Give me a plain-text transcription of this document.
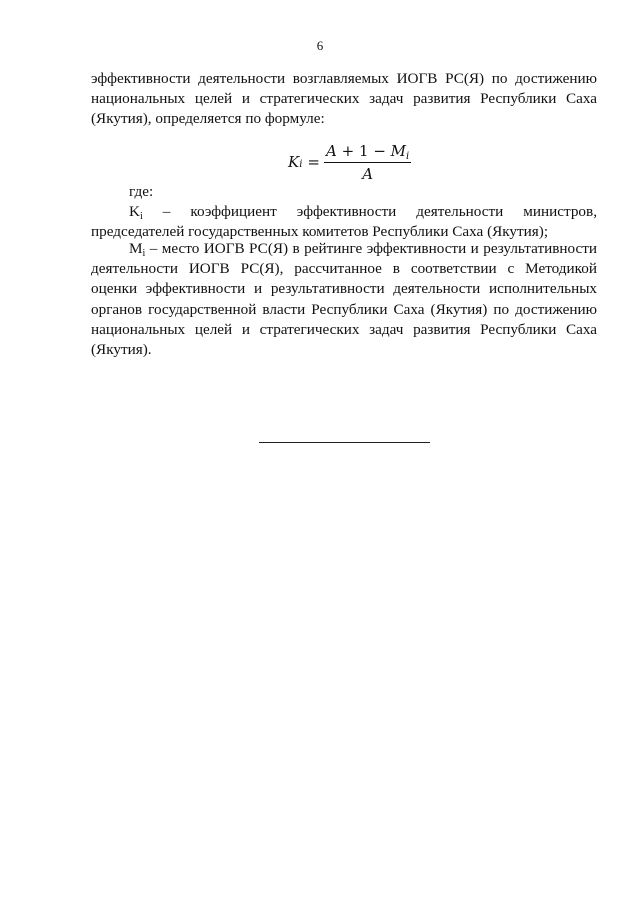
6

эффективности деятельности возглавляемых ИОГВ РС(Я) по достижению

национальных целей и стратегических задач развития Республики Саха

(Якутия), определяется по формуле:

K $i = \frac{A + 1 - M_i}{A}$
где:

Ki – коэффициент эффективности деятельности министров,

председателей государственных комитетов Республики Саха (Якутия);

Mi – место ИОГВ РС(Я) в рейтинге эффективности и результативности деятельности ИОГВ РС(Я), рассчитанное в соответствии с Методикой оценки эффективности и результативности деятельности исполнительных органов государственной власти Республики Саха (Якутия) по достижению национальных целей и стратегических задач развития Республики Саха (Якутия).
